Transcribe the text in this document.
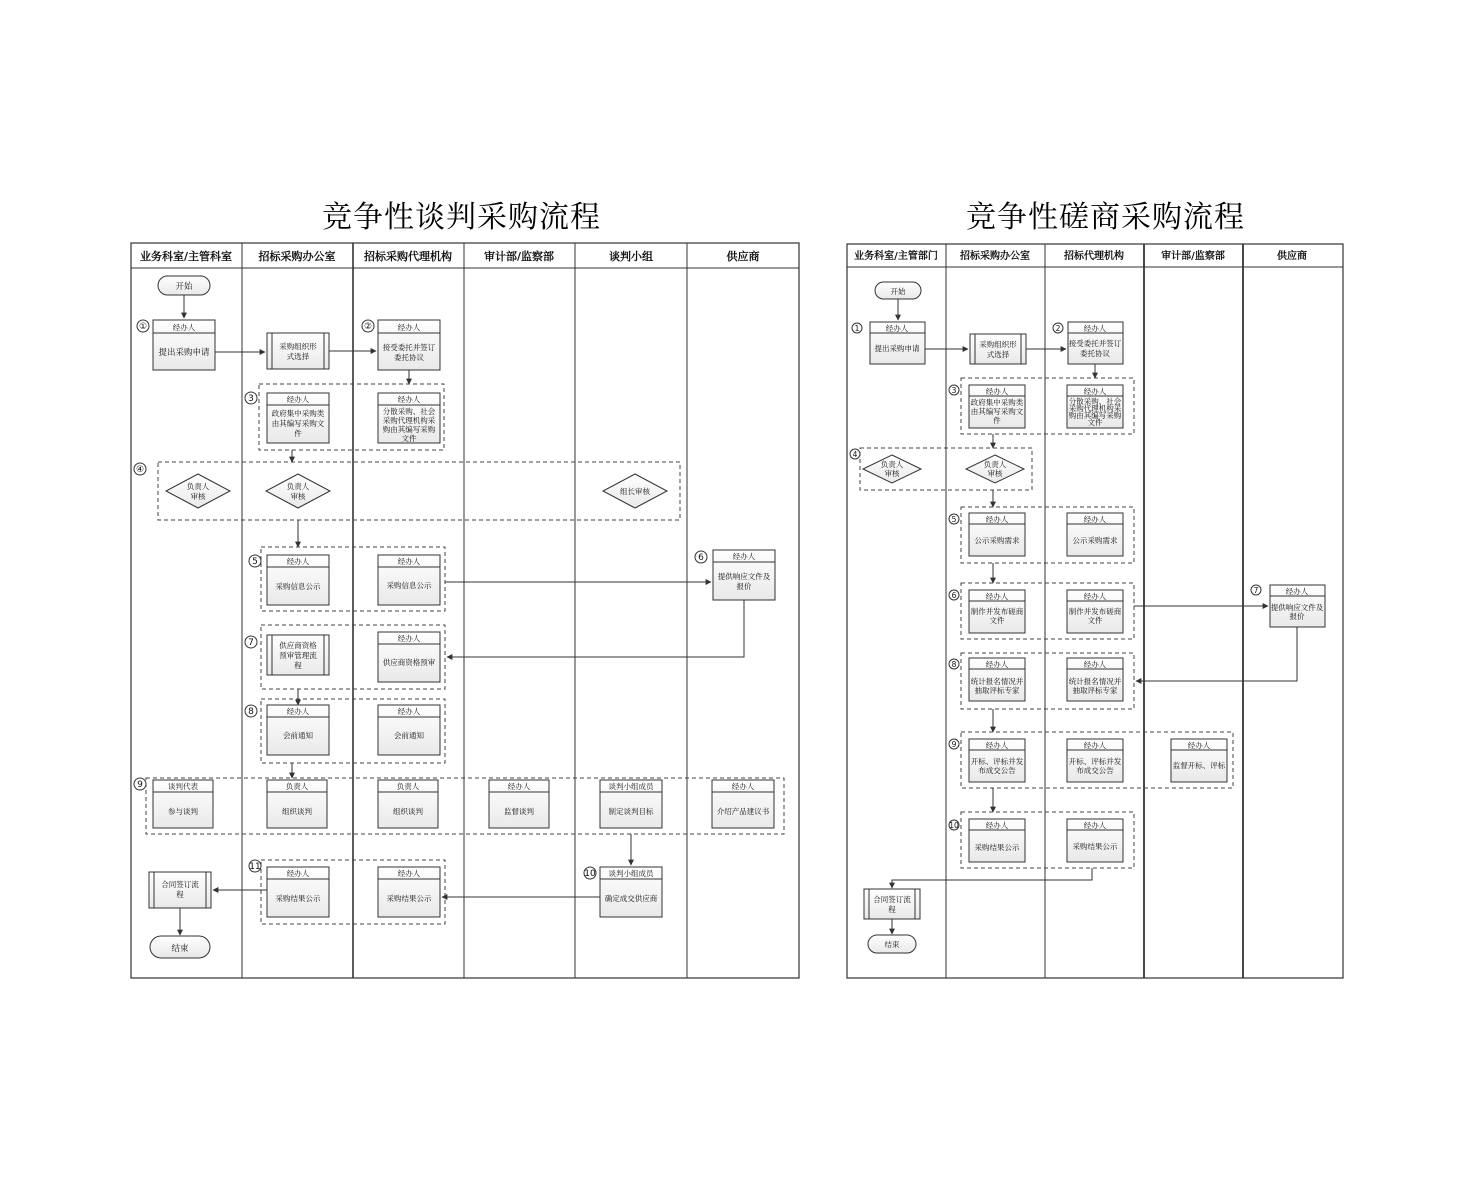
竞争性谈判采购流程	竞争性磋商采购流程
业务科室/主管科室 招标采购办公室	招标采购代理机构	审计部/监察部	谈判小组	供应商
开始
①	经办人
提出采购申请
采购组织形
式选择
②	经办人
接受委托并签订
委托协议
3	经办人
政府集中采购类
由其编写采购文
件
经办人
分散采购、社会
采购代理机构采
购由其编写采购
文件
④
负责人
审核
负责人
审核
组长审核
5	经办人
采购信息公示
经办人
采购信息公示
6	经办人
提供响应文件及
报价
7	供应商资格
预审管理流
程
经办人
供应商资格预审
8	经办人
会前通知
经办人
会前通知
9	谈判代表
参与谈判
负责人
组织谈判
负责人
组织谈判
经办人
监督谈判
谈判小组成员
制定谈判目标
经办人
介绍产品建议书
10 谈判小组成员
确定成交供应商
11
经办人
采购结果公示
经办人
采购结果公示
合同签订流
程
结束
业务科室/主管部门 招标采购办公室	招标代理机构	审计部/监察部	供应商
开始
1	经办人
提出采购申请	采购组织形
式选择
2	经办人
接受委托并签订
委托协议
3	经办人
政府集中采购类
由其编写采购文
件
经办人
分散采购、社会
采购代理机构采
购由其编写采购
文件
4
负责人
审核
负责人
审核
5	经办人
公示采购需求
经办人
公示采购需求
6	经办人
制作并发布磋商
文件
经办人
制作并发布磋商
文件
7	经办人
提供响应文件及
报价
8	经办人
统计报名情况并
抽取评标专家
经办人
统计报名情况并
抽取评标专家
9	经办人
开标、评标并发
布成交公告
经办人
开标、评标并发
布成交公告
经办人
监督开标、评标
10	经办人
采购结果公示
经办人
采购结果公示
合同签订流
程
结束
